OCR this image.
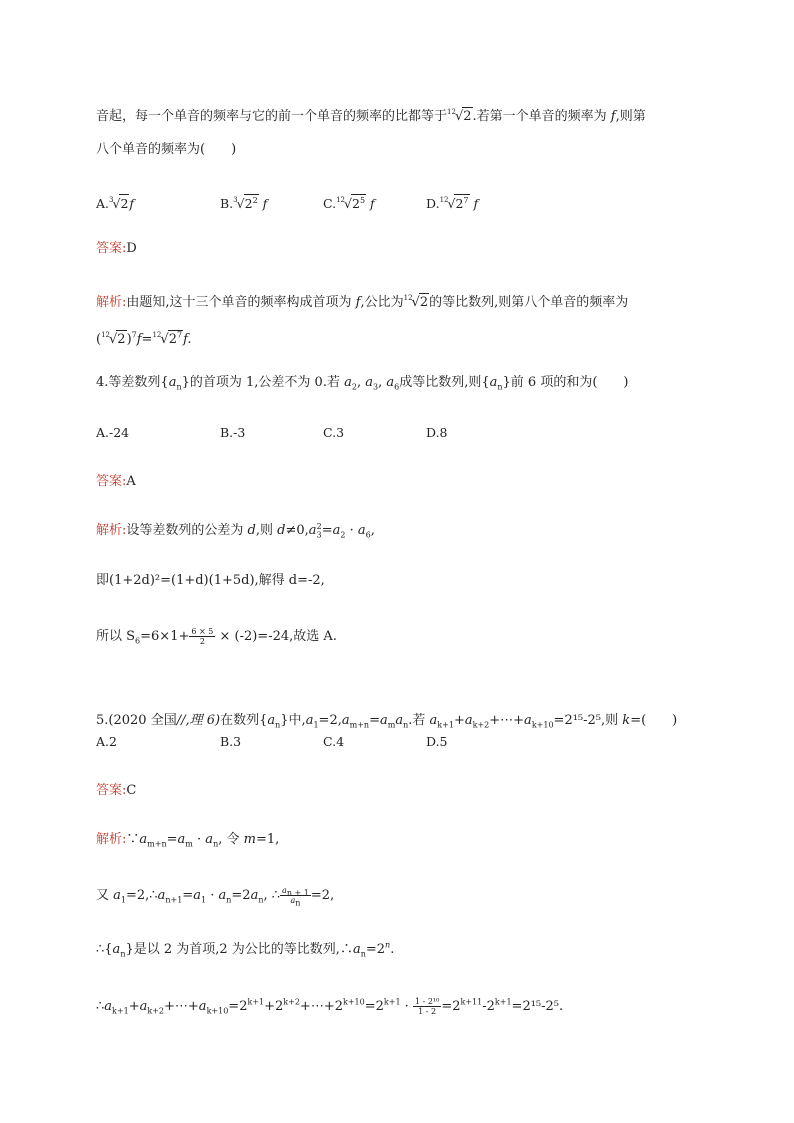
音起，每一个单音的频率与它的前一个单音的频率的比都等于$^{12}$√2.若第一个单音的频率为 f,则第
八个单音的频率为(　　)
A.$^3$√2f	$B.^3√2^2$ f	$C.^{12}√2^5$ f	$D.^{12}√2^7$ f
答案:D
解析:由题知,这十三个单音的频率构成首项为 f,公比为$^{12}$√2的等比数列,则第八个单音的频率为
$(^{12}√2)^7f=^{12}√2^7f$.
4.等差数列$\{a_n\}$的首项为 1,公差不为 0.若 $a_2$, $a_3$, $a_6$成等比数列,则$\{a_n\}$前 6 项的和为(　　)
A.-24	B.-3	C.3	D.8
答案:A
解析:设等差数列的公差为 d,则 $d\ne 0,a_3^2=a_2 \cdot a_6$,
即(1+2d)²=(1+d)(1+5d),解得 d=-2,
所以 $S_6=6\times 1+ \frac{6 \times 5}{2} \times (-2)=-24$,故选 A.
5.(2020 全国//,理 6)在数列$\{a_n\}$中$,a_1=2,a_{m+n}=a_ma_n$.若 $a_{k+1}+a_{k+2}+\cdots+a_{k+10}=2^{15}-2^5$,则 k=(　　)
A.2	B.3	C.4	D.5
答案:C
解析$:\because a_{m+n}=a_m \cdot a_n$, 令 m=1,
又 $a_1=2,\therefore a_{n+1}=a_1 \cdot a_n=2a_n$, ∴ $\frac{a_{n + 1}}{a_n} =2$,
$\therefore\{a_n\}$是以 2 为首项,2 为公比的等比数列$,\therefore a_n=2^n$.
$\therefore a_{k+1}+a_{k+2}+\cdots+a_{k+10}=2^{k+1}+2^{k+2}+\cdots+2^{k+10}=2^{k+1} \cdot \frac{\text{1 - 2¹⁰}}{1 - 2} =2^{k+11}-2^{k+1}=2^{15}-2^5$.
